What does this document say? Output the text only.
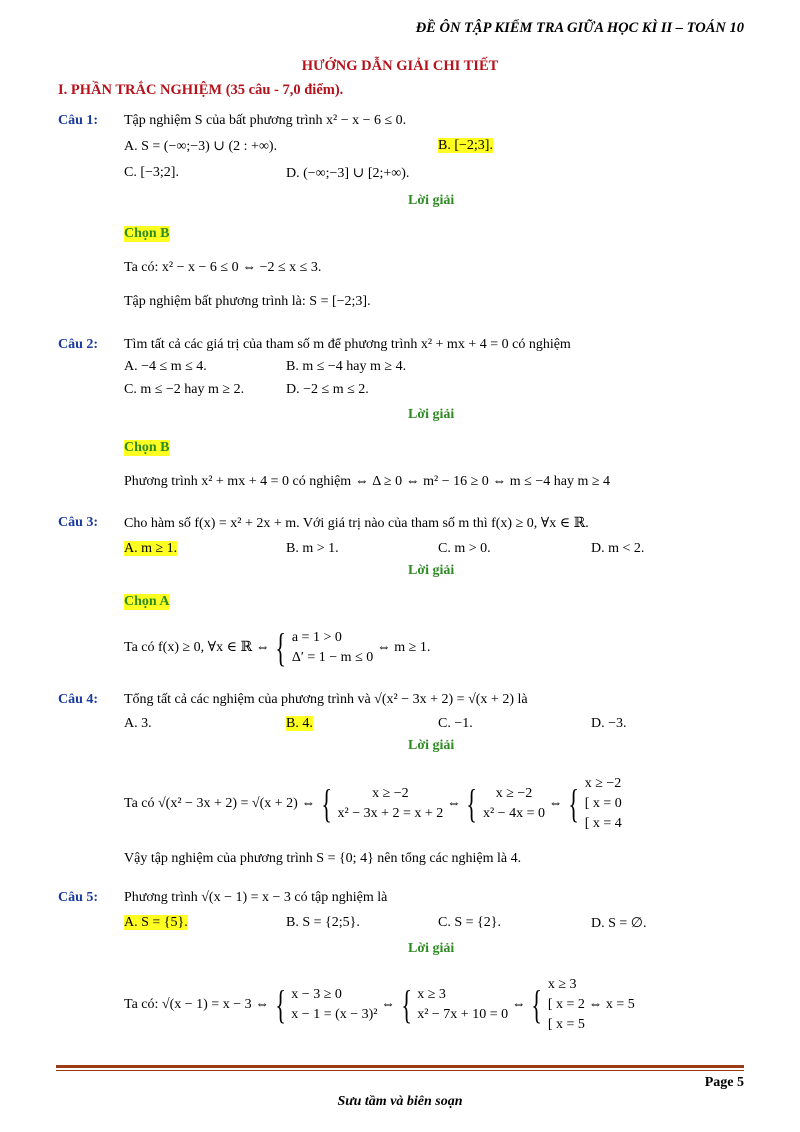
ĐỀ ÔN TẬP KIỂM TRA GIỮA HỌC KÌ II – TOÁN 10
HƯỚNG DẪN GIẢI CHI TIẾT
I. PHẦN TRẮC NGHIỆM (35 câu - 7,0 điểm).
Câu 1: Tập nghiệm S của bất phương trình x² − x − 6 ≤ 0.
A. S = (−∞;−3) ∪ (2 : +∞).	B. [−2;3].
C. [−3;2].	D. (−∞;−3] ∪ [2;+∞).
Lời giải
Chọn B
Ta có: x² − x − 6 ≤ 0 ⇔ −2 ≤ x ≤ 3.
Tập nghiệm bất phương trình là: S = [−2;3].
Câu 2: Tìm tất cả các giá trị của tham số m để phương trình x² + mx + 4 = 0 có nghiệm
A. −4 ≤ m ≤ 4.	B. m ≤ −4 hay m ≥ 4.
C. m ≤ −2 hay m ≥ 2.	D. −2 ≤ m ≤ 2.
Lời giải
Chọn B
Phương trình x² + mx + 4 = 0 có nghiệm ⇔ Δ ≥ 0 ⇔ m² − 16 ≥ 0 ⇔ m ≤ −4 hay m ≥ 4
Câu 3: Cho hàm số f(x) = x² + 2x + m. Với giá trị nào của tham số m thì f(x) ≥ 0, ∀x ∈ ℝ.
A. m ≥ 1.	B. m > 1.	C. m > 0.	D. m < 2.
Lời giải
Chọn A
Ta có f(x) ≥ 0, ∀x ∈ ℝ ⇔ { a = 1 > 0
Δ′ = 1 − m ≤ 0 ⇔ m ≥ 1.
Câu 4: Tổng tất cả các nghiệm của phương trình và √(x² − 3x + 2) = √(x + 2) là
A. 3.	B. 4.	C. −1.	D. −3.
Lời giải
Ta có √(x² − 3x + 2) = √(x + 2) ⇔ {	x ≥ −2
x² − 3x + 2 = x + 2 ⇔ { x ≥ −2
x² − 4x = 0 ⇔ { x ≥ −2
[ x = 0
[ x = 4
Vậy tập nghiệm của phương trình S = {0; 4} nên tổng các nghiệm là 4.
Câu 5: Phương trình √(x − 1) = x − 3 có tập nghiệm là
A. S = {5}.	B. S = {2;5}.	C. S = {2}.	D. S = ∅.
Lời giải
Ta có: √(x − 1) = x − 3 ⇔ { x − 3 ≥ 0
x − 1 = (x − 3)² ⇔ { x ≥ 3
x² − 7x + 10 = 0 ⇔ { x ≥ 3
[ x = 2 ⇔ x = 5
[ x = 5
Page 5
Sưu tầm và biên soạn
